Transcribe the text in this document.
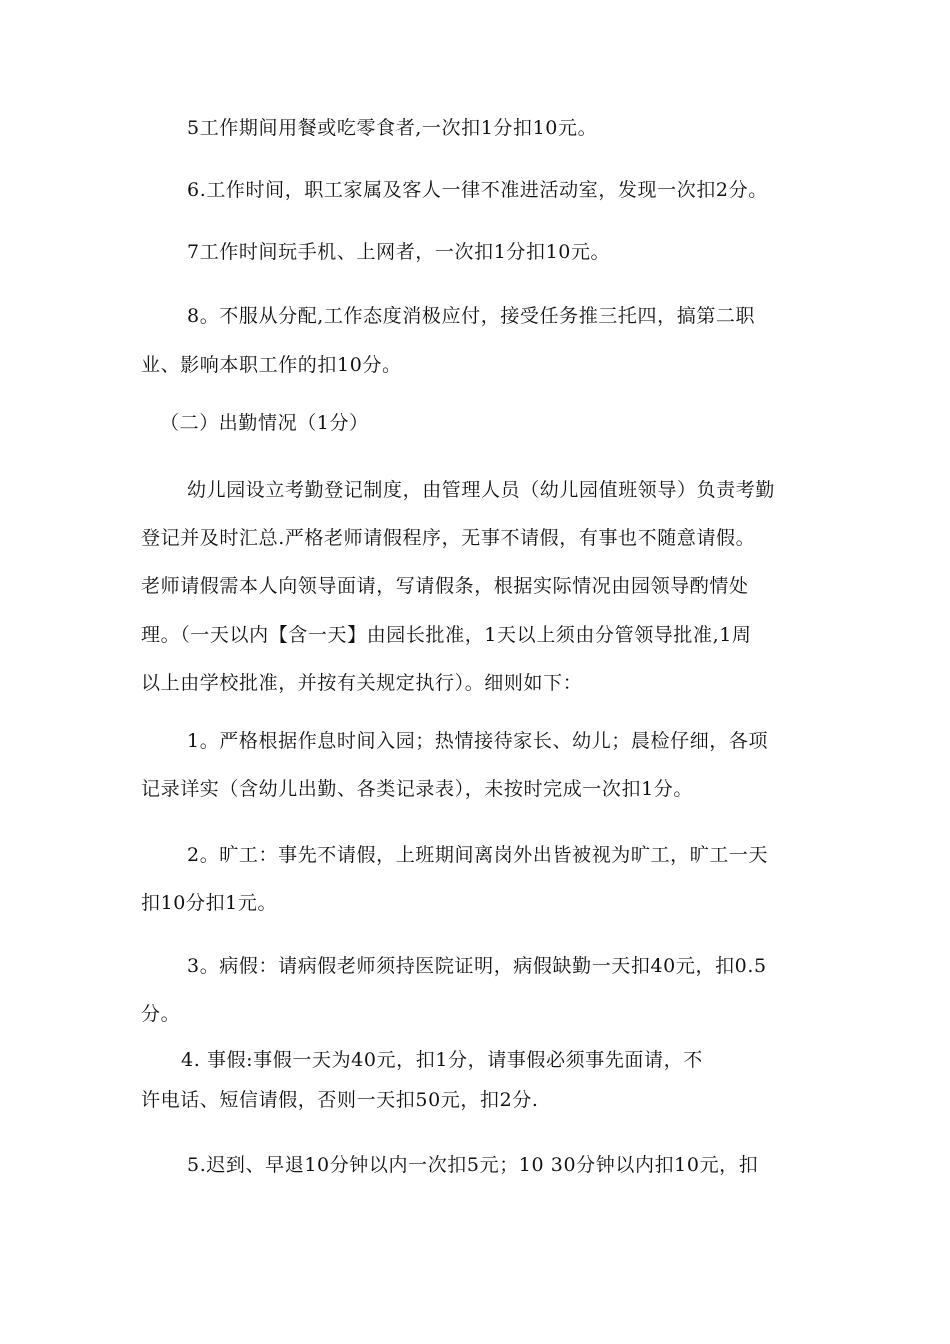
5工作期间用餐或吃零食者,一次扣1分扣10元。
6.工作时间，职工家属及客人一律不准进活动室，发现一次扣2分。
7工作时间玩手机、上网者，一次扣1分扣10元。
8。不服从分配,工作态度消极应付，接受任务推三托四，搞第二职
业、影响本职工作的扣10分。
（二）出勤情况（1分）
幼儿园设立考勤登记制度，由管理人员（幼儿园值班领导）负责考勤
登记并及时汇总.严格老师请假程序，无事不请假，有事也不随意请假。
老师请假需本人向领导面请，写请假条，根据实际情况由园领导酌情处
理。（一天以内【含一天】由园长批准，1天以上须由分管领导批准,1周
以上由学校批准，并按有关规定执行）。细则如下：
1。严格根据作息时间入园；热情接待家长、幼儿；晨检仔细，各项
记录详实（含幼儿出勤、各类记录表），未按时完成一次扣1分。
2。旷工：事先不请假，上班期间离岗外出皆被视为旷工，旷工一天
扣10分扣1元。
3。病假：请病假老师须持医院证明，病假缺勤一天扣40元，扣0.5
分。
4. 事假:事假一天为40元，扣1分，请事假必须事先面请，不
许电话、短信请假，否则一天扣50元，扣2分.
5.迟到、早退10分钟以内一次扣5元；10 30分钟以内扣10元，扣
